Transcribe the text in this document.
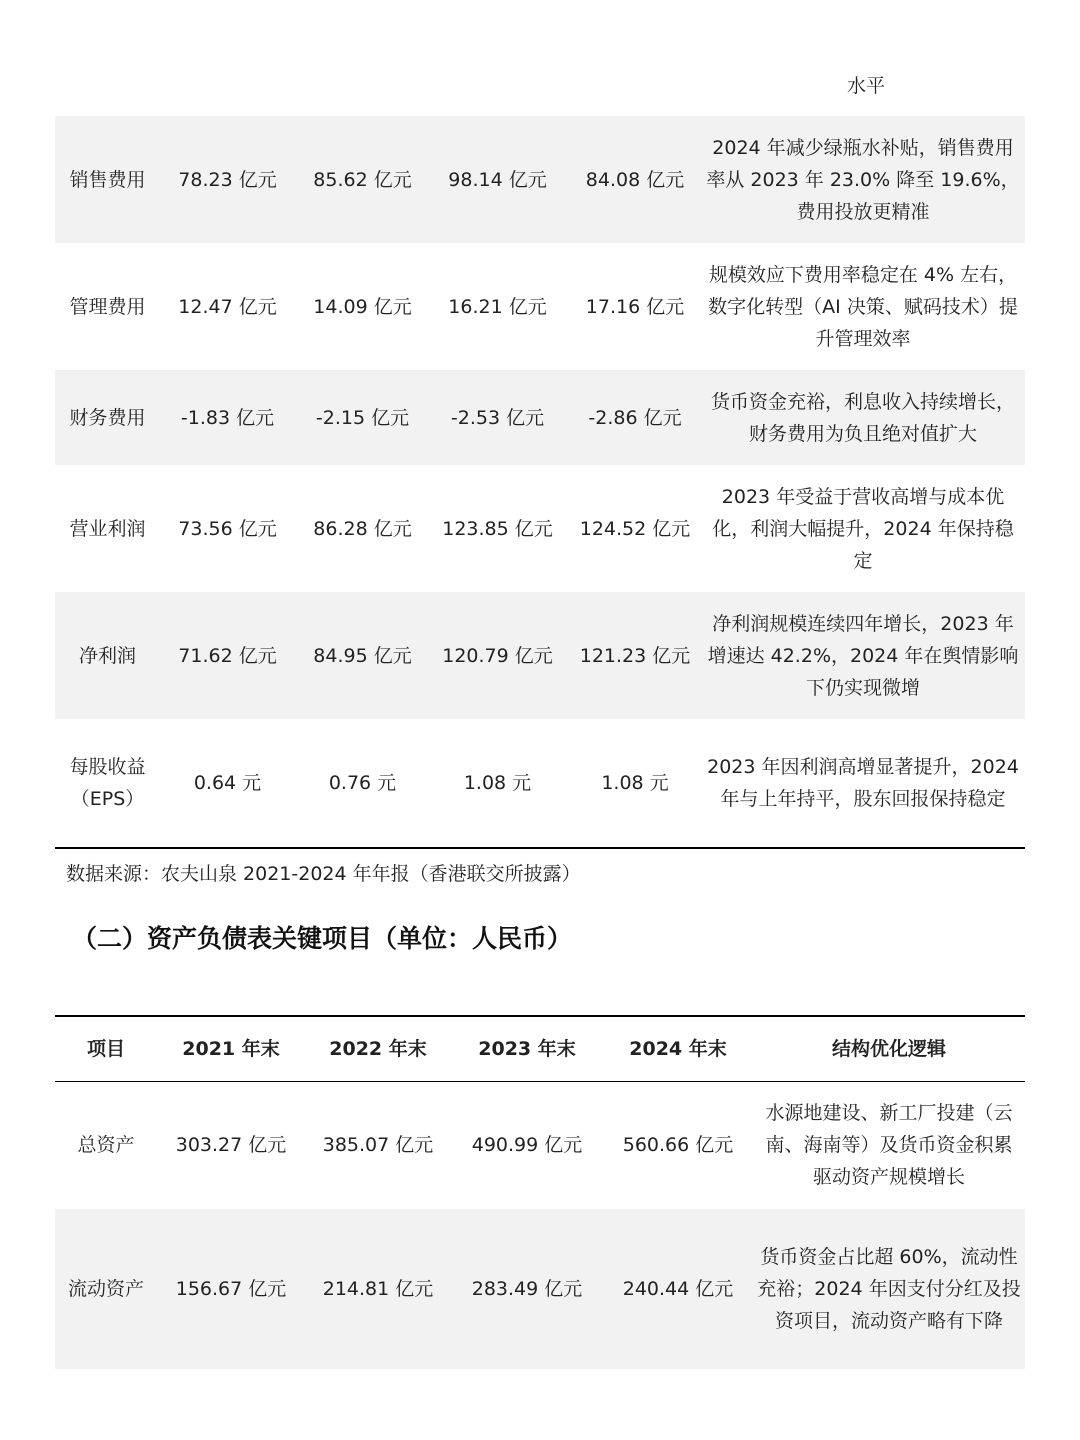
水平
销售费用	78.23 亿元	85.62 亿元	98.14 亿元	84.08 亿元	2024 年减少绿瓶水补贴，销售费用率从 2023 年 23.0% 降至 19.6%，费用投放更精准
管理费用	12.47 亿元	14.09 亿元	16.21 亿元	17.16 亿元	规模效应下费用率稳定在 4% 左右，数字化转型（AI 决策、赋码技术）提升管理效率
财务费用	-1.83 亿元	-2.15 亿元	-2.53 亿元	-2.86 亿元	货币资金充裕，利息收入持续增长，财务费用为负且绝对值扩大
营业利润	73.56 亿元	86.28 亿元	123.85 亿元	124.52 亿元	2023 年受益于营收高增与成本优化，利润大幅提升，2024 年保持稳定
净利润	71.62 亿元	84.95 亿元	120.79 亿元	121.23 亿元	净利润规模连续四年增长，2023 年增速达 42.2%，2024 年在舆情影响下仍实现微增
每股收益（EPS）	0.64 元	0.76 元	1.08 元	1.08 元	2023 年因利润高增显著提升，2024 年与上年持平，股东回报保持稳定
数据来源：农夫山泉 2021-2024 年年报（香港联交所披露）
（二）资产负债表关键项目（单位：人民币）
项目	2021 年末	2022 年末	2023 年末	2024 年末	结构优化逻辑
总资产	303.27 亿元	385.07 亿元	490.99 亿元	560.66 亿元	水源地建设、新工厂投建（云南、海南等）及货币资金积累驱动资产规模增长
流动资产	156.67 亿元	214.81 亿元	283.49 亿元	240.44 亿元	货币资金占比超 60%，流动性充裕；2024 年因支付分红及投资项目，流动资产略有下降
